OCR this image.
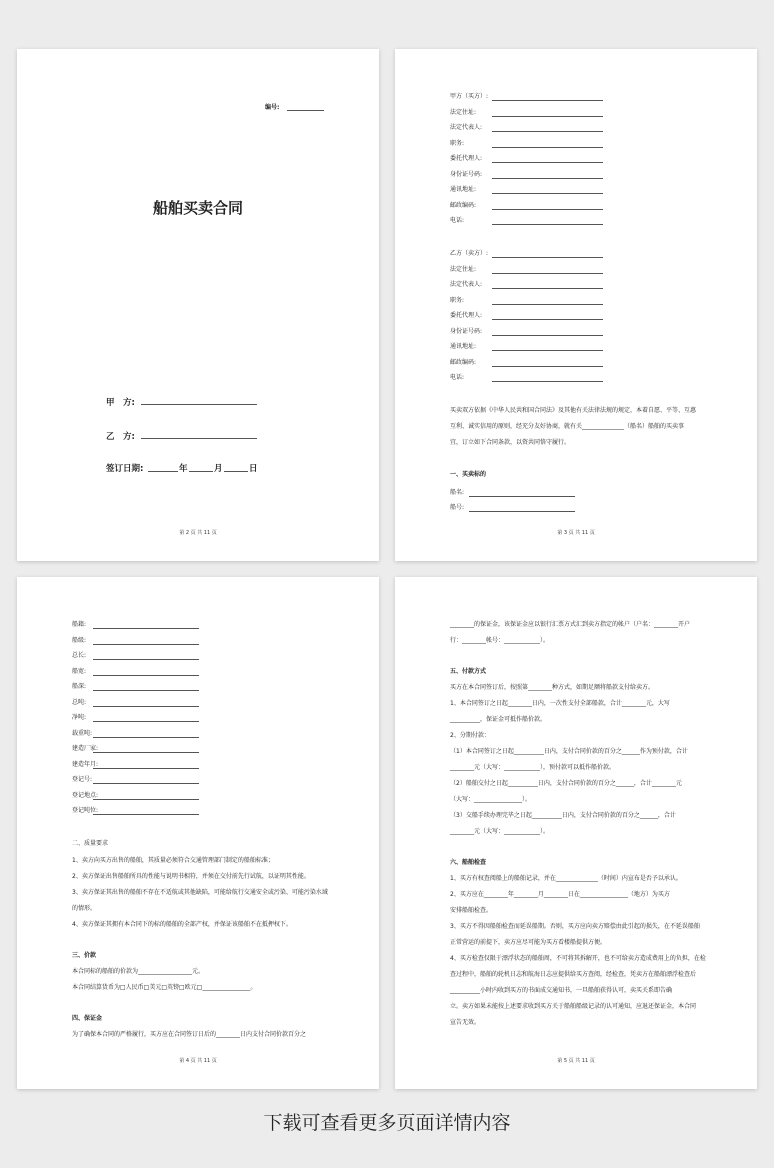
编号:
船舶买卖合同
甲　方:
乙　方:
签订日期:	年	月	日
第 2 页 共 11 页
甲方（买方）:
法定住址:
法定代表人:
职务:
委托代理人:
身份证号码:
通讯地址:
邮政编码:
电话:
乙方（卖方）:
法定住址:
法定代表人:
职务:
委托代理人:
身份证号码:
通讯地址:
邮政编码:
电话:
买卖双方依据《中华人民共和国合同法》及其他有关法律法规的规定，本着自愿、平等、互惠
互利、诚实信用的原则，经充分友好协商，就有关______________（船名）船舶的买卖事
宜，订立如下合同条款，以资共同恪守履行。
一、买卖标的
船名:
船号:
第 3 页 共 11 页
船籍:
船级:
总长:
船宽:
船深:
总吨:
净吨:
载重吨:
建造厂家:
建造年月:
登记号:
登记地点:
登记吨位:
二、质量要求
1、卖方向买方出售的船舶，其质量必须符合交通管理部门制定的船舶标准；
2、卖方保证出售船舶所具的性能与说明书相符，并须在交付前先行试航，以证明其性能。
3、卖方保证其出售的船舶不存在不适航或其他缺陷，可能给航行交通安全或污染、可能污染水域
的情形。
4、卖方保证其拥有本合同下的标的船舶的全部产权，并保证该船舶不在抵押权下。
三、价款
本合同标的船舶的价款为__________________元。
本合同结算货币为□人民币□美元□英镑□欧元□________________。
四、保证金
为了确保本合同的严格履行，买方应在合同签订日后的________日内支付合同价款百分之
第 4 页 共 11 页
________的保证金，该保证金应以银行汇票方式汇到卖方指定的帐户（户名：________开户
行：________帐号：____________）。
五、付款方式
买方在本合同签订后，按照第________种方式，如期足额将船款支付给卖方。
1、本合同签订之日起________日内，一次性支付全部船款，合计________元，大写
__________，保证金可抵作船价款。
2、分期付款：
（1）本合同签订之日起__________日内，支付合同价款的百分之______作为预付款，合计
________元（大写：____________），预付款可以抵作船价款。
（2）船舶交付之日起__________日内，支付合同价款的百分之______，合计________元
（大写：________________）。
（3）交船手续办理完毕之日起__________日内，支付合同价款的百分之______，合计
________元（大写：____________）。
六、船舶检查
1、买方有权查阅船上的船舶记录，并在______________（时间）内宣布是否予以承认。
2、买方应在________年________月________日在________________（地方）为买方
安排船舶检查。
3、买方不得因船舶检查而延误船期。否则，买方应向卖方赔偿由此引起的损失，在不延误船舶
正常营运的前提下，卖方应尽可能为买方看楼船提供方便。
4、买方检查仅限于漂浮状态的船舶周，不可将其拆解开，也不可给卖方造成费用上的负担，在检
查过程中，船舶的轮机日志和航海日志应提供给买方查阅，经检查，凭卖方在船舶漂浮检查后
__________小时内收到买方的书面成交通知书，一旦船舶获得认可，卖买关系即告确
立。卖方如果未能按上述要求收到买方关于船舶船级记录的认可通知，应退还保证金，本合同
宣告无效。
第 5 页 共 11 页
下载可查看更多页面详情内容
